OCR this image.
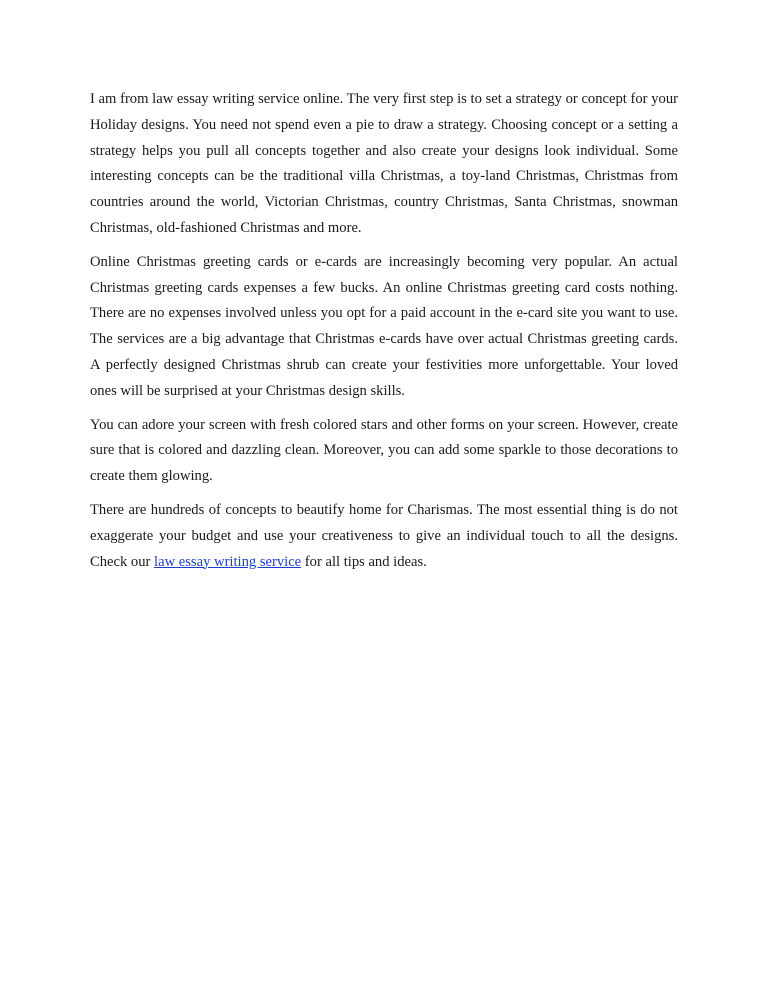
I am from law essay writing service online. The very first step is to set a strategy or concept for your Holiday designs. You need not spend even a pie to draw a strategy. Choosing concept or a setting a strategy helps you pull all concepts together and also create your designs look individual. Some interesting concepts can be the traditional villa Christmas, a toy-land Christmas, Christmas from countries around the world, Victorian Christmas, country Christmas, Santa Christmas, snowman Christmas, old-fashioned Christmas and more.

Online Christmas greeting cards or e-cards are increasingly becoming very popular. An actual Christmas greeting cards expenses a few bucks. An online Christmas greeting card costs nothing. There are no expenses involved unless you opt for a paid account in the e-card site you want to use. The services are a big advantage that Christmas e-cards have over actual Christmas greeting cards. A perfectly designed Christmas shrub can create your festivities more unforgettable. Your loved ones will be surprised at your Christmas design skills.

You can adore your screen with fresh colored stars and other forms on your screen. However, create sure that is colored and dazzling clean. Moreover, you can add some sparkle to those decorations to create them glowing.

There are hundreds of concepts to beautify home for Charismas. The most essential thing is do not exaggerate your budget and use your creativeness to give an individual touch to all the designs. Check our law essay writing service for all tips and ideas.
